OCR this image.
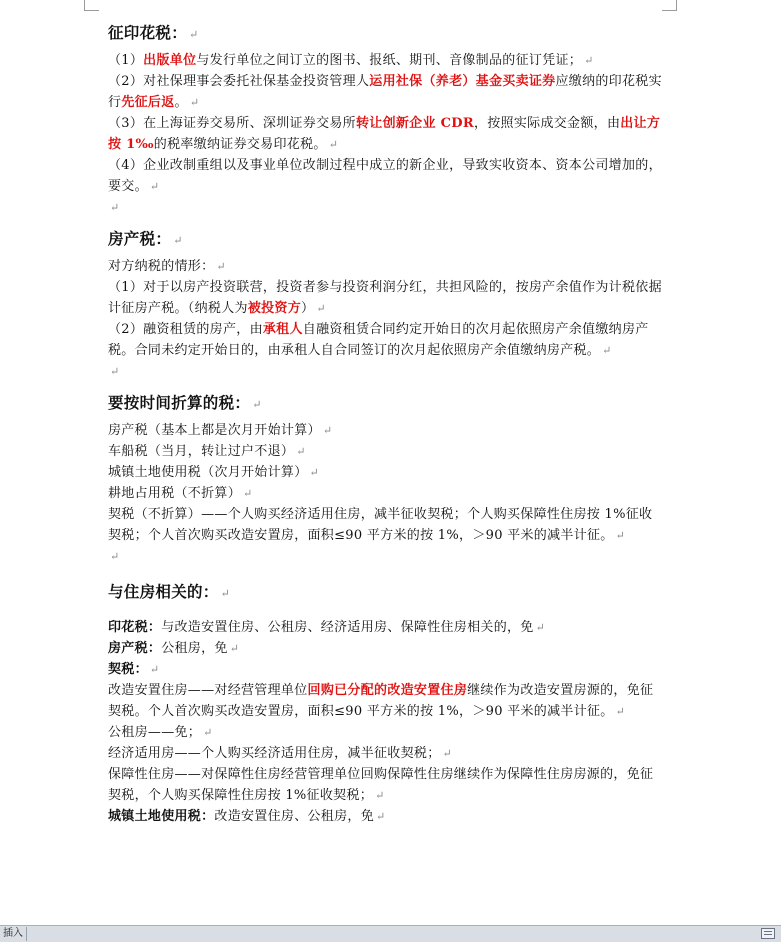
征印花税： ↵

（1）出版单位与发行单位之间订立的图书、报纸、期刊、音像制品的征订凭证； ↵

（2）对社保理事会委托社保基金投资管理人运用社保（养老）基金买卖证券应缴纳的印花税实行先征后返。 ↵

（3）在上海证券交易所、深圳证券交易所转让创新企业 CDR，按照实际成交金额，由出让方按 1‰的税率缴纳证券交易印花税。 ↵

（4）企业改制重组以及事业单位改制过程中成立的新企业，导致实收资本、资本公司增加的，要交。 ↵

↵

房产税： ↵

对方纳税的情形： ↵

（1）对于以房产投资联营，投资者参与投资利润分红，共担风险的，按房产余值作为计税依据计征房产税。（纳税人为被投资方） ↵

（2）融资租赁的房产，由承租人自融资租赁合同约定开始日的次月起依照房产余值缴纳房产税。合同未约定开始日的，由承租人自合同签订的次月起依照房产余值缴纳房产税。 ↵

↵

要按时间折算的税： ↵

房产税（基本上都是次月开始计算） ↵

车船税（当月，转让过户不退） ↵

城镇土地使用税（次月开始计算） ↵

耕地占用税（不折算） ↵

契税（不折算）——个人购买经济适用住房，减半征收契税；个人购买保障性住房按 1%征收契税；个人首次购买改造安置房，面积≤90 平方米的按 1%，＞90 平米的减半计征。 ↵

↵

与住房相关的： ↵

印花税：与改造安置住房、公租房、经济适用房、保障性住房相关的，免 ↵

房产税：公租房，免 ↵

契税： ↵

改造安置住房——对经营管理单位回购已分配的改造安置住房继续作为改造安置房源的，免征契税。个人首次购买改造安置房，面积≤90 平方米的按 1%，＞90 平米的减半计征。 ↵

公租房——免； ↵

经济适用房——个人购买经济适用住房，减半征收契税； ↵

保障性住房——对保障性住房经营管理单位回购保障性住房继续作为保障性住房房源的，免征契税，个人购买保障性住房按 1%征收契税； ↵

城镇土地使用税：改造安置住房、公租房，免 ↵

插入
